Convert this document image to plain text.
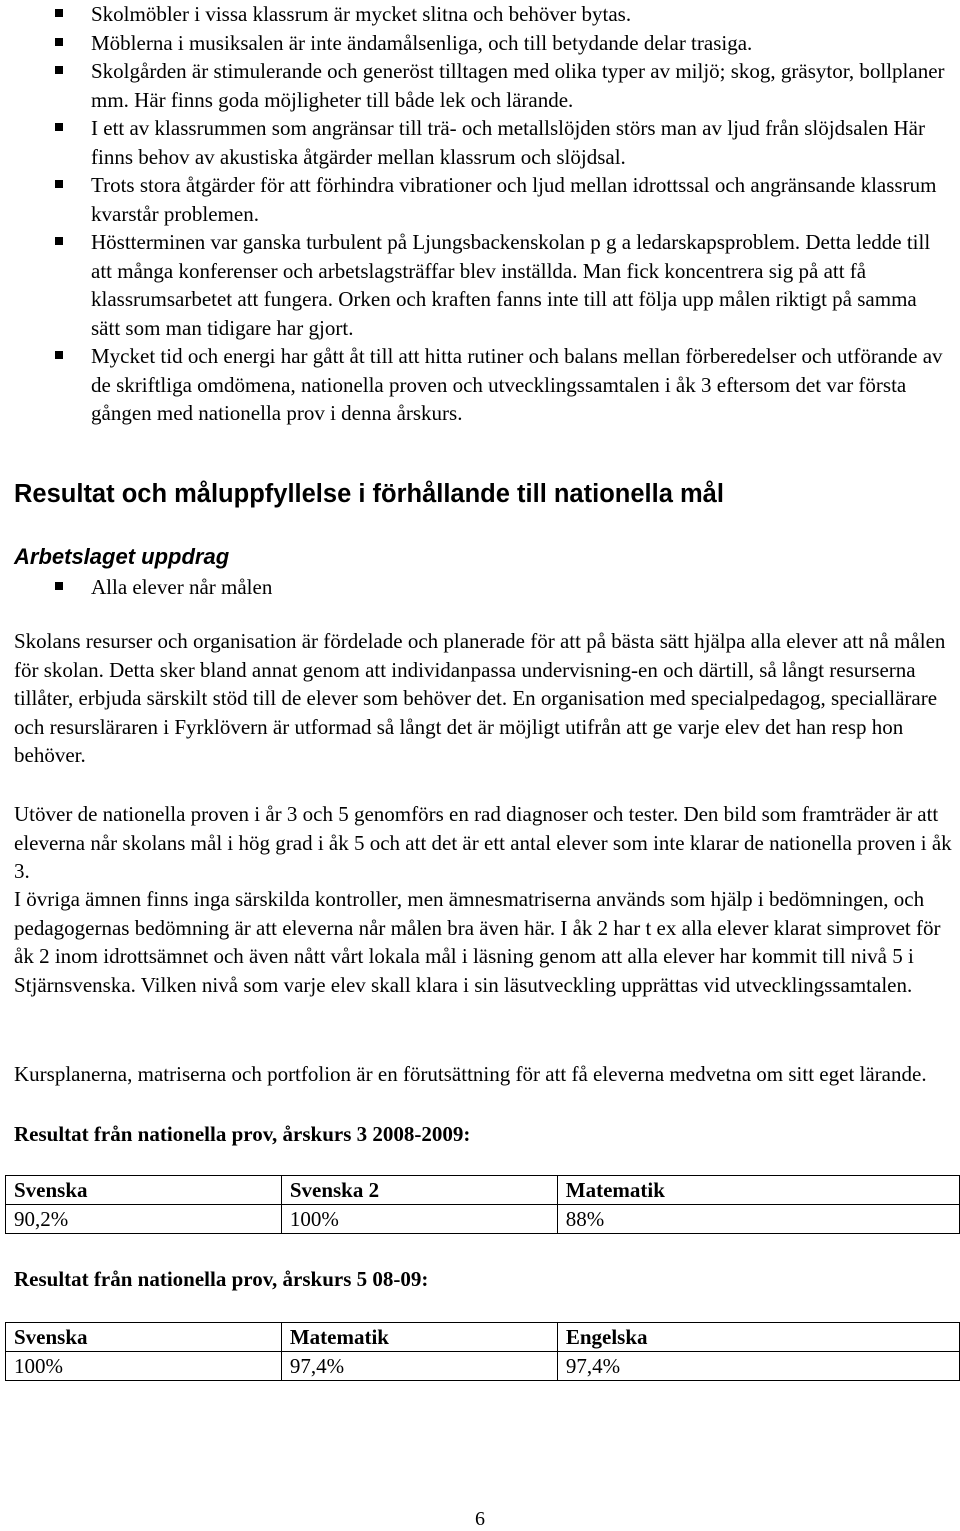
Skolmöbler i vissa klassrum är mycket slitna och behöver bytas.
Möblerna i musiksalen är inte ändamålsenliga, och till betydande delar trasiga.
Skolgården är stimulerande och generöst tilltagen med olika typer av miljö; skog, gräsytor, bollplaner mm. Här finns goda möjligheter till både lek och lärande.
I ett av klassrummen som angränsar till trä- och metallslöjden störs man av ljud från slöjdsalen Här finns behov av akustiska åtgärder mellan klassrum och slöjdsal.
Trots stora åtgärder för att förhindra vibrationer och ljud mellan idrottssal och angränsande klassrum kvarstår problemen.
Höstterminen var ganska turbulent på Ljungsbackenskolan p g a ledarskapsproblem. Detta ledde till att många konferenser och arbetslagsträffar blev inställda. Man fick koncentrera sig på att få klassrumsarbetet att fungera. Orken och kraften fanns inte till att följa upp målen riktigt på samma sätt som man tidigare har gjort.
Mycket tid och energi har gått åt till att hitta rutiner och balans mellan förberedelser och utförande av de skriftliga omdömena, nationella proven och utvecklingssamtalen i åk 3 eftersom det var första gången med nationella prov i denna årskurs.
Resultat och måluppfyllelse i förhållande till nationella mål
Arbetslaget uppdrag
Alla elever når målen

Skolans resurser och organisation är fördelade och planerade för att på bästa sätt hjälpa alla elever att nå målen för skolan. Detta sker bland annat genom att individanpassa undervisning-en och därtill, så långt resurserna tillåter, erbjuda särskilt stöd till de elever som behöver det. En organisation med specialpedagog, speciallärare och resursläraren i Fyrklövern är utformad så långt det är möjligt utifrån att ge varje elev det han resp hon behöver.

Utöver de nationella proven i år 3 och 5 genomförs en rad diagnoser och tester. Den bild som framträder är att eleverna når skolans mål i hög grad i åk 5 och att det är ett antal elever som inte klarar de nationella proven i åk 3.

I övriga ämnen finns inga särskilda kontroller, men ämnesmatriserna används som hjälp i bedömningen, och pedagogernas bedömning är att eleverna når målen bra även här. I åk 2 har t ex alla elever klarat simprovet för åk 2 inom idrottsämnet och även nått vårt lokala mål i läsning genom att alla elever har kommit till nivå 5 i Stjärnsvenska. Vilken nivå som varje elev skall klara i sin läsutveckling upprättas vid utvecklingssamtalen.

Kursplanerna, matriserna och portfolion är en förutsättning för att få eleverna medvetna om sitt eget lärande.

Resultat från nationella prov, årskurs 3 2008-2009:

Svenska	Svenska 2	Matematik
90,2%	100%	88%

Resultat från nationella prov, årskurs 5 08-09:

Svenska	Matematik	Engelska
100%	97,4%	97,4%
6
